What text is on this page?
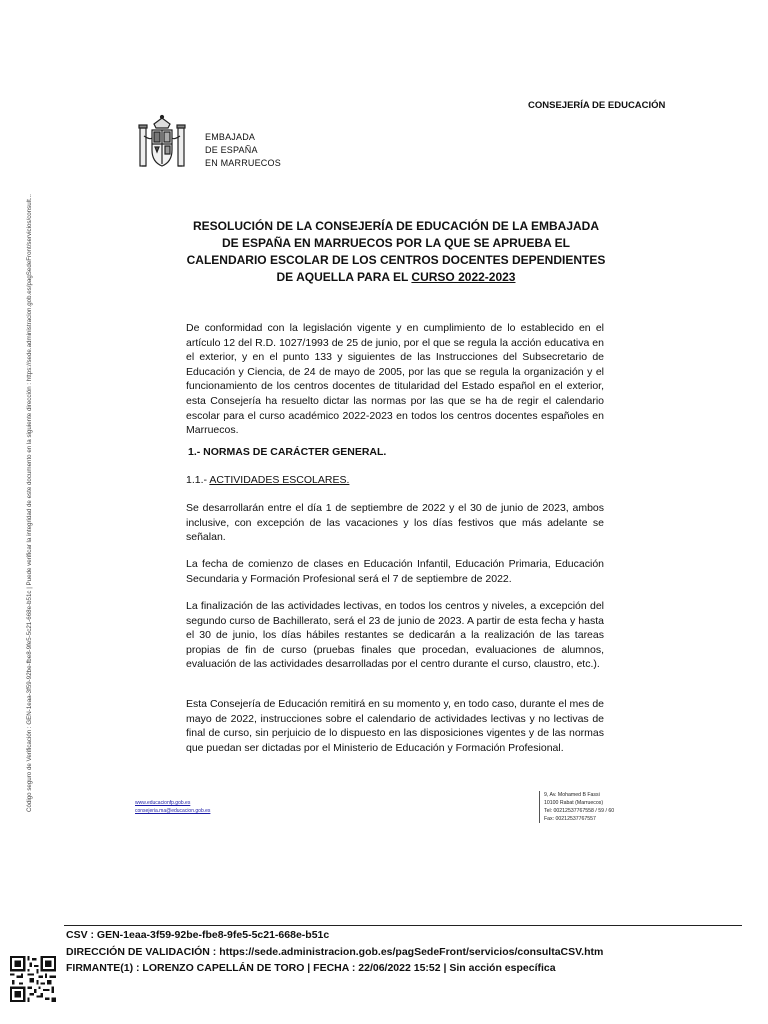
Código seguro de Verificación : GEN-1eaa-3f59-92be-fbe8-9fe5-5c21-668e-b51c | Puede verificar la integridad de este documento en la siguiente dirección : https://sede.administracion.gob.es/pagSedeFront/servicios/consult...
CONSEJERÍA DE EDUCACIÓN
EMBAJADA
DE ESPAÑA
EN MARRUECOS
RESOLUCIÓN DE LA CONSEJERÍA DE EDUCACIÓN DE LA EMBAJADA DE ESPAÑA EN MARRUECOS POR LA QUE SE APRUEBA EL CALENDARIO ESCOLAR DE LOS CENTROS DOCENTES DEPENDIENTES DE AQUELLA PARA EL CURSO 2022-2023
De conformidad con la legislación vigente y en cumplimiento de lo establecido en el artículo 12 del R.D. 1027/1993 de 25 de junio, por el que se regula la acción educativa en el exterior, y en el punto 133 y siguientes de las Instrucciones del Subsecretario de Educación y Ciencia, de 24 de mayo de 2005, por las que se regula la organización y el funcionamiento de los centros docentes de titularidad del Estado español en el exterior, esta Consejería ha resuelto dictar las normas por las que se ha de regir el calendario escolar para el curso académico 2022-2023 en todos los centros docentes españoles en Marruecos.
1.- NORMAS DE CARÁCTER GENERAL.
1.1.- ACTIVIDADES ESCOLARES.
Se desarrollarán entre el día 1 de septiembre de 2022 y el 30 de junio de 2023, ambos inclusive, con excepción de las vacaciones y los días festivos que más adelante se señalan.
La fecha de comienzo de clases en Educación Infantil, Educación Primaria, Educación Secundaria y Formación Profesional será el 7 de septiembre de 2022.
La finalización de las actividades lectivas, en todos los centros y niveles, a excepción del segundo curso de Bachillerato, será el 23 de junio de 2023. A partir de esta fecha y hasta el 30 de junio, los días hábiles restantes se dedicarán a la realización de las tareas propias de fin de curso (pruebas finales que procedan, evaluaciones de alumnos, evaluación de las actividades desarrolladas por el centro durante el curso, claustro, etc.).
Esta Consejería de Educación remitirá en su momento y, en todo caso, durante el mes de mayo de 2022, instrucciones sobre el calendario de actividades lectivas y no lectivas de final de curso, sin perjuicio de lo dispuesto en las disposiciones vigentes y de las normas que puedan ser dictadas por el Ministerio de Educación y Formación Profesional.
www.educacionfp.gob.es
consejeria.ma@educacion.gob.es
9, Av. Mohamed B Fassi
10100 Rabat (Marruecos)
Tel: 00212537767558 / 59 / 60
Fax: 00212537767557
CSV : GEN-1eaa-3f59-92be-fbe8-9fe5-5c21-668e-b51c
DIRECCIÓN DE VALIDACIÓN : https://sede.administracion.gob.es/pagSedeFront/servicios/consultaCSV.htm
FIRMANTE(1) : LORENZO CAPELLÁN DE TORO | FECHA : 22/06/2022 15:52 | Sin acción específica
